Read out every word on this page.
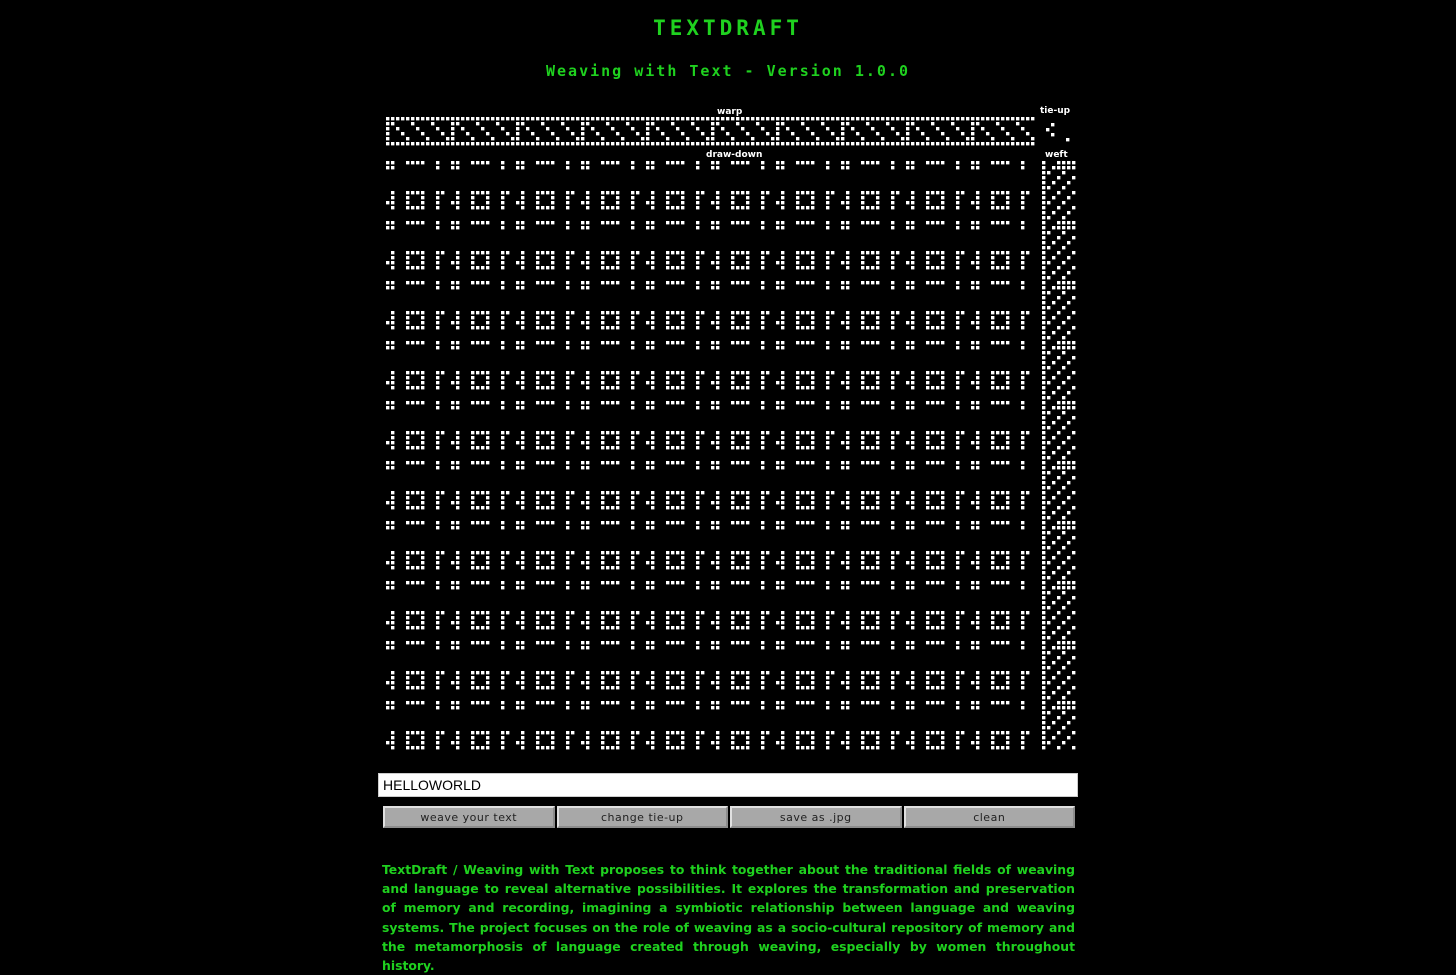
TEXTDRAFT
Weaving with Text - Version 1.0.0
warp	tie-up
draw-down	weft
HELLOWORLD
weave your text	change tie-up	save as .jpg	clean

TextDraft / Weaving with Text proposes to think together about the traditional fields of weaving and language to reveal alternative possibilities. It explores the transformation and preservation of memory and recording, imagining a symbiotic relationship between language and weaving systems. The project focuses on the role of weaving as a socio-cultural repository of memory and the metamorphosis of language created through weaving, especially by women throughout history.
